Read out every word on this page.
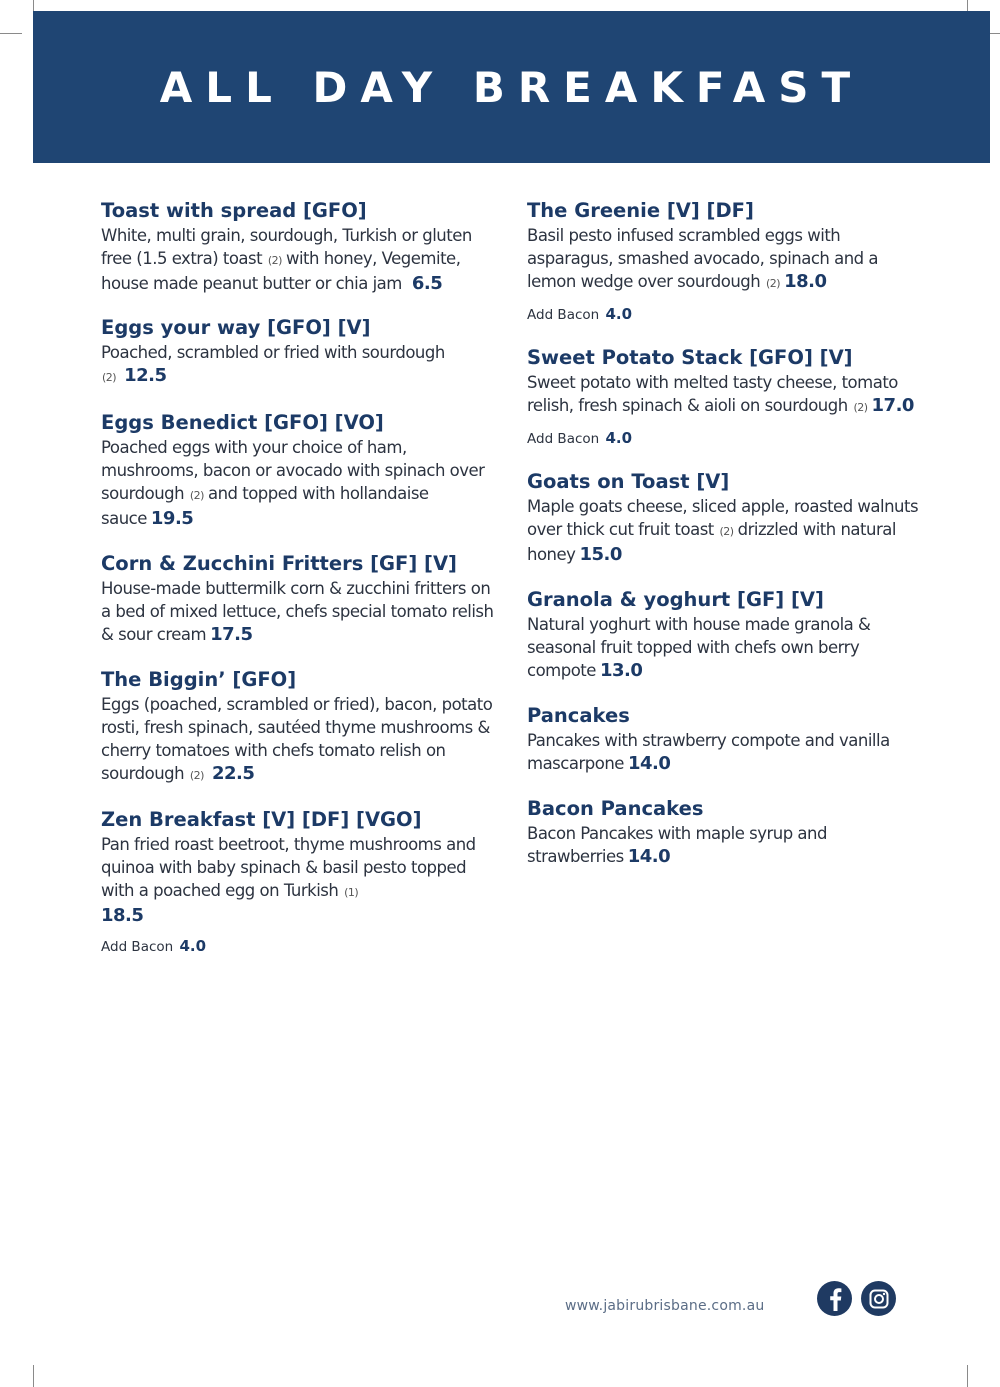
ALL DAY BREAKFAST
Toast with spread [GFO]
White, multi grain, sourdough, Turkish or gluten free (1.5 extra) toast (2) with honey, Vegemite, house made peanut butter or chia jam 6.5
Eggs your way [GFO] [V]
Poached, scrambled or fried with sourdough (2) 12.5
Eggs Benedict [GFO] [VO]
Poached eggs with your choice of ham, mushrooms, bacon or avocado with spinach over sourdough (2) and topped with hollandaise sauce 19.5
Corn & Zucchini Fritters [GF] [V]
House-made buttermilk corn & zucchini fritters on a bed of mixed lettuce, chefs special tomato relish & sour cream 17.5
The Biggin’ [GFO]
Eggs (poached, scrambled or fried), bacon, potato rosti, fresh spinach, sautéed thyme mushrooms & cherry tomatoes with chefs tomato relish on sourdough (2) 22.5
Zen Breakfast [V] [DF] [VGO]
Pan fried roast beetroot, thyme mushrooms and quinoa with baby spinach & basil pesto topped with a poached egg on Turkish (1)
18.5
Add Bacon 4.0
The Greenie [V] [DF]
Basil pesto infused scrambled eggs with asparagus, smashed avocado, spinach and a lemon wedge over sourdough (2) 18.0
Add Bacon 4.0
Sweet Potato Stack [GFO] [V]
Sweet potato with melted tasty cheese, tomato relish, fresh spinach & aioli on sourdough (2) 17.0
Add Bacon 4.0
Goats on Toast [V]
Maple goats cheese, sliced apple, roasted walnuts over thick cut fruit toast (2) drizzled with natural honey 15.0
Granola & yoghurt [GF] [V]
Natural yoghurt with house made granola & seasonal fruit topped with chefs own berry compote 13.0
Pancakes
Pancakes with strawberry compote and vanilla mascarpone 14.0
Bacon Pancakes
Bacon Pancakes with maple syrup and strawberries 14.0
www.jabirubrisbane.com.au
